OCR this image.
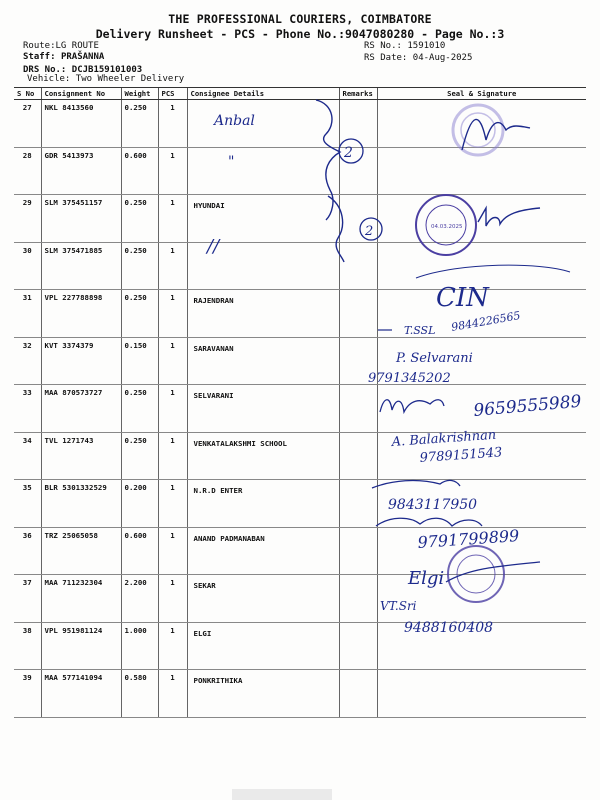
THE PROFESSIONAL COURIERS, COIMBATORE
Delivery Runsheet - PCS - Phone No.:9047080280 - Page No.:3
Route:LG ROUTE
Staff: PRAŠANNA
DRS No.: DCJB159101003
RS No.: 1591010
RS Date: 04-Aug-2025
Vehicle: Two Wheeler Delivery
S No	Consignment No	Weight	PCS	Consignee Details	Remarks	Seal & Signature
27	NKL 8413560	0.250	1			
28	GDR 5413973	0.600	1			
29	SLM 375451157	0.250	1	HYUNDAI		
30	SLM 375471885	0.250	1			
31	VPL 227788898	0.250	1	RAJENDRAN		
32	KVT 3374379	0.150	1	SARAVANAN		
33	MAA 870573727	0.250	1	SELVARANI		
34	TVL 1271743	0.250	1	VENKATALAKSHMI SCHOOL		
35	BLR 5301332529	0.200	1	N.R.D ENTER		
36	TRZ 25065058	0.600	1	ANAND PADMANABAN		
37	MAA 711232304	2.200	1	SEKAR		
38	VPL 951981124	1.000	1	ELGI		
39	MAA 577141094	0.580	1	PONKRITHIKA		
Anbal
"
//
2
2	04.03.2025
CIN
T.SSL 9844226565
P. Selvarani
9791345202
9659555989
A. Balakrishnan
9789151543
9843117950
9791799899
Elgi
VT.Sri
9488160408
